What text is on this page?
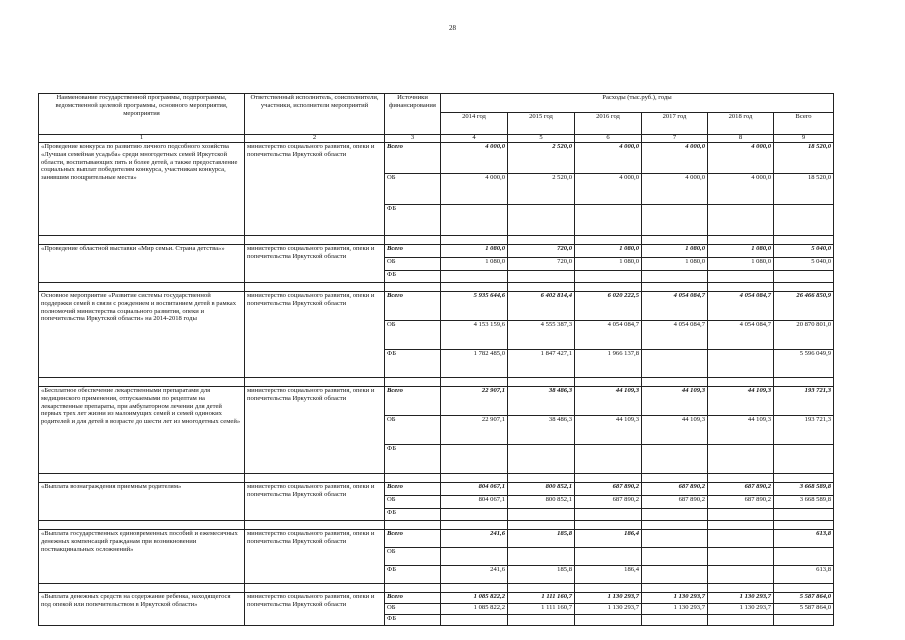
28
Наименование государственной программы, подпрограммы, ведомственной целевой программы, основного мероприятия, мероприятия	Ответственный исполнитель, соисполнители, участники, исполнители мероприятий	Источники финансирования	Расходы (тыс.руб.), годы					
			2014 год	2015 год	2016 год	2017 год	2018 год	Всего
1	2	3	4	5	6	7	8	9
«Проведение конкурса по развитию личного подсобного хозяйства «Лучшая семейная усадьба» среди многодетных семей Иркутской области, воспитывающих пять и более детей, а также предоставление социальных выплат победителям конкурса, участникам конкурса, занявшим поощрительные места»	министерство социального развития, опеки и попечительства Иркутской области	Всего	4 000,0	2 520,0	4 000,0	4 000,0	4 000,0	18 520,0
		ОБ	4 000,0	2 520,0	4 000,0	4 000,0	4 000,0	18 520,0
		ФБ						

«Проведение областной выставки «Мир семьи. Страна детства»»	министерство социального развития, опеки и попечительства Иркутской области	Всего	1 080,0	720,0	1 080,0	1 080,0	1 080,0	5 040,0
		ОБ	1 080,0	720,0	1 080,0	1 080,0	1 080,0	5 040,0
		ФБ						

Основное мероприятие «Развитие системы государственной поддержки семей в связи с рождением и воспитанием детей в рамках полномочий министерства социального развития, опеки и попечительства Иркутской области» на 2014-2018 годы	министерство социального развития, опеки и попечительства Иркутской области	Всего	5 935 644,6	6 402 814,4	6 020 222,5	4 054 084,7	4 054 084,7	26 466 850,9
		ОБ	4 153 159,6	4 555 387,3	4 054 084,7	4 054 084,7	4 054 084,7	20 870 801,0
		ФБ	1 782 485,0	1 847 427,1	1 966 137,8			5 596 049,9

«Бесплатное обеспечение лекарственными препаратами для медицинского применения, отпускаемыми по рецептам на лекарственные препараты, при амбулаторном лечении для детей первых трех лет жизни из малоимущих семей и семей одиноких родителей и для детей в возрасте до шести лет из многодетных семей»	министерство социального развития, опеки и попечительства Иркутской области	Всего	22 907,1	38 486,3	44 109,3	44 109,3	44 109,3	193 721,3
		ОБ	22 907,1	38 486,3	44 109,3	44 109,3	44 109,3	193 721,3
		ФБ						

«Выплата вознаграждения приемным родителям»	министерство социального развития, опеки и попечительства Иркутской области	Всего	804 067,1	800 852,1	687 890,2	687 890,2	687 890,2	3 668 589,8
		ОБ	804 067,1	800 852,1	687 890,2	687 890,2	687 890,2	3 668 589,8
		ФБ						

«Выплата государственных единовременных пособий и ежемесячных денежных компенсаций гражданам при возникновении поствакцинальных осложнений»	министерство социального развития, опеки и попечительства Иркутской области	Всего	241,6	185,8	186,4			613,8
		ОБ						
		ФБ	241,6	185,8	186,4			613,8

«Выплата денежных средств на содержание ребенка, находящегося под опекой или попечительством в Иркутской области»	министерство социального развития, опеки и попечительства Иркутской области	Всего	1 085 822,2	1 111 160,7	1 130 293,7	1 130 293,7	1 130 293,7	5 587 864,0
		ОБ	1 085 822,2	1 111 160,7	1 130 293,7	1 130 293,7	1 130 293,7	5 587 864,0
		ФБ						
